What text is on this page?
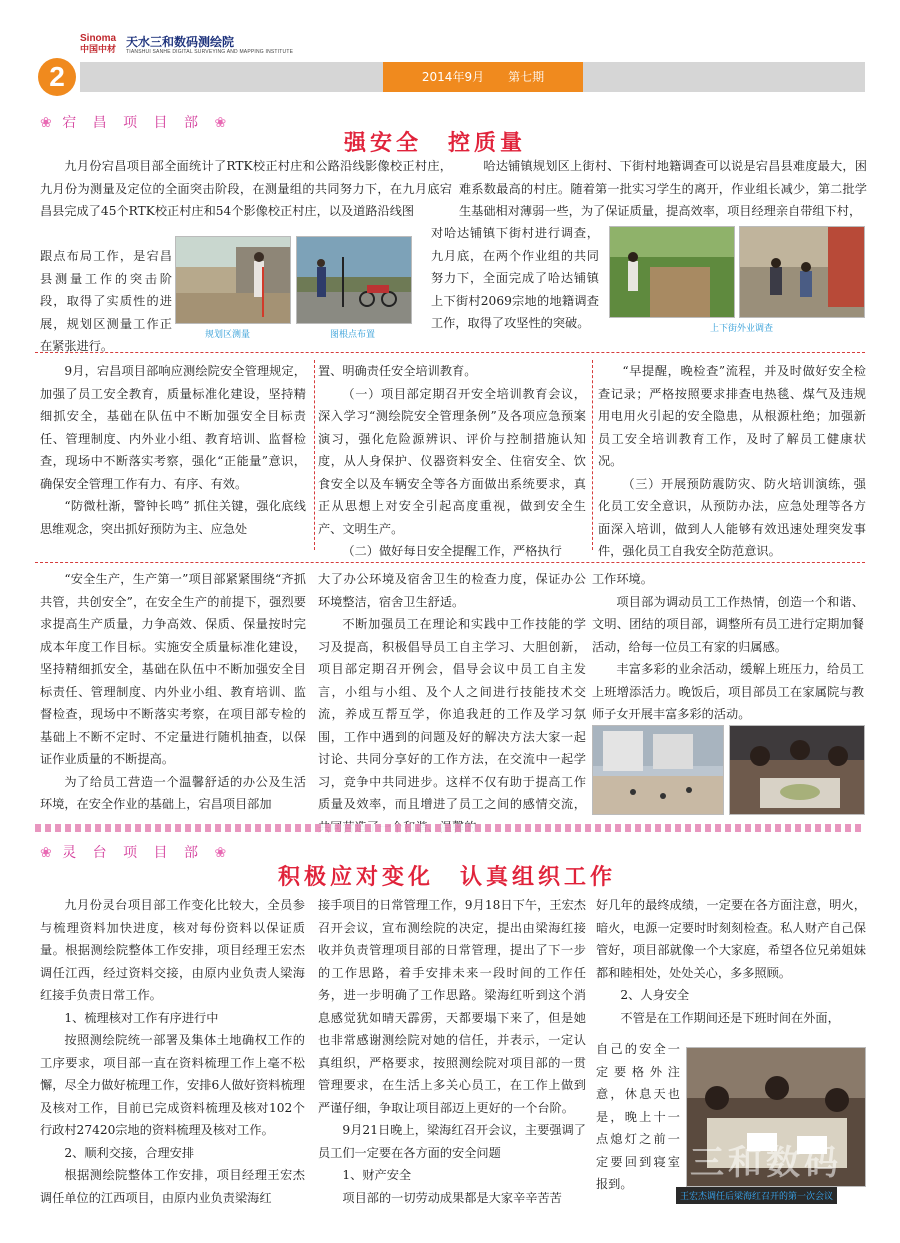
Sinoma
中国中材 天水三和数码测绘院
TIANSHUI SANHE DIGITAL SURVEYING AND MAPPING INSTITUTE
2	2014年9月　　第七期
❀ 宕 昌 项 目 部 ❀
强安全　控质量

九月份宕昌项目部全面统计了RTK校正村庄和公路沿线影像校正村庄，九月份为测量及定位的全面突击阶段，在测量组的共同努力下，在九月底宕昌县完成了45个RTK校正村庄和54个影像校正村庄，以及道路沿线图

跟点布局工作，是宕昌县测量工作的突击阶段，取得了实质性的进展，规划区测量工作正在紧张进行。

规划区测量	图根点布置

哈达铺镇规划区上街村、下街村地籍调查可以说是宕昌县难度最大，困难系数最高的村庄。随着第一批实习学生的离开，作业组长减少，第二批学生基础相对薄弱一些，为了保证质量，提高效率，项目经理亲自带组下村，

对哈达铺镇下街村进行调查，九月底，在两个作业组的共同努力下，全面完成了哈达铺镇上下街村2069宗地的地籍调查工作，取得了攻坚性的突破。	上下街外业调查

9月，宕昌项目部响应测绘院安全管理规定，加强了员工安全教育，质量标准化建设，坚持精细抓安全，基础在队伍中不断加强安全目标责任、管理制度、内外业小组、教育培训、监督检查，现场中不断落实考察，强化“正能量”意识，确保安全管理工作有力、有序、有效。

“防微杜渐，警钟长鸣” 抓住关键，强化底线思维观念，突出抓好预防为主、应急处

置、明确责任安全培训教育。

（一）项目部定期召开安全培训教育会议，深入学习“测绘院安全管理条例”及各项应急预案演习，强化危险源辨识、评价与控制措施认知度，从人身保护、仪器资料安全、住宿安全、饮食安全以及车辆安全等各方面做出系统要求，真正从思想上对安全引起高度重视，做到安全生产、文明生产。

（二）做好每日安全提醒工作，严格执行

“早提醒，晚检查”流程，并及时做好安全检查记录；严格按照要求排查电热毯、煤气及违规用电用火引起的安全隐患，从根源杜绝；加强新员工安全培训教育工作，及时了解员工健康状况。

（三）开展预防震防灾、防火培训演练，强化员工安全意识，从预防办法，应急处理等各方面深入培训，做到人人能够有效迅速处理突发事件，强化员工自我安全防范意识。

“安全生产，生产第一”项目部紧紧围绕“齐抓共管，共创安全”，在安全生产的前提下，强烈要求提高生产质量，力争高效、保质、保量按时完成本年度工作目标。实施安全质量标准化建设，坚持精细抓安全，基础在队伍中不断加强安全目标责任、管理制度、内外业小组、教育培训、监督检查，现场中不断落实考察，在项目部专检的基础上不断不定时、不定量进行随机抽查，以保证作业质量的不断提高。

为了给员工营造一个温馨舒适的办公及生活环境，在安全作业的基础上，宕昌项目部加

大了办公环境及宿舍卫生的检查力度，保证办公环境整洁，宿舍卫生舒适。

不断加强员工在理论和实践中工作技能的学习及提高，积极倡导员工自主学习、大胆创新，项目部定期召开例会，倡导会议中员工自主发言，小组与小组、及个人之间进行技能技术交流，养成互帮互学，你追我赶的工作及学习氛围，工作中遇到的问题及好的解决方法大家一起讨论、共同分享好的工作方法，在交流中一起学习，竞争中共同进步。这样不仅有助于提高工作质量及效率，而且增进了员工之间的感情交流，

工作环境。

项目部为调动员工工作热情，创造一个和谐、文明、团结的项目部，调整所有员工进行定期加餐活动，给每一位员工有家的归属感。

丰富多彩的业余活动，缓解上班压力，给员工上班增添活力。晚饭后，项目部员工在家属院与教师子女开展丰富多彩的活动。

❀ 灵 台 项 目 部 ❀
积极应对变化　认真组织工作

九月份灵台项目部工作变化比较大，全员参与梳理资料加快进度，核对每份资料以保证质量。根据测绘院整体工作安排，项目经理王宏杰调任江西，经过资料交接，由原内业负责人梁海红接手负责日常工作。

1、梳理核对工作有序进行中

按照测绘院统一部署及集体土地确权工作的工序要求，项目部一直在资料梳理工作上毫不松懈，尽全力做好梳理工作，安排6人做好资料梳理及核对工作，目前已完成资料梳理及核对102个行政村27420宗地的资料梳理及核对工作。

2、顺利交接，合理安排

根据测绘院整体工作安排，项目经理王宏杰调任单位的江西项目，由原内业负责梁海红

接手项目的日常管理工作，9月18日下午，王宏杰召开会议，宣布测绘院的决定，提出由梁海红接收并负责管理项目部的日常管理，提出了下一步的工作思路，着手安排未来一段时间的工作任务，进一步明确了工作思路。梁海红听到这个消息感觉犹如晴天霹雳，天都要塌下来了，但是她也非常感谢测绘院对她的信任，并表示，一定认真组织，严格要求，按照测绘院对项目部的一贯管理要求，在生活上多关心员工，在工作上做到严谨仔细，争取让项目部迈上更好的一个台阶。

9月21日晚上，梁海红召开会议，主要强调了员工们一定要在各方面的安全问题

1、财产安全

项目部的一切劳动成果都是大家辛辛苦苦

好几年的最终成绩，一定要在各方面注意，明火，暗火，电源一定要时时刻刻检查。私人财产自己保管好，项目部就像一个大家庭，希望各位兄弟姐妹都和睦相处，处处关心，多多照顾。

2、人身安全

不管是在工作期间还是下班时间在外面，

自己的安全一定要格外注意，休息天也是，晚上十一点熄灯之前一定要回到寝室报到。

三和数码
王宏杰调任后梁海红召开的第一次会议
